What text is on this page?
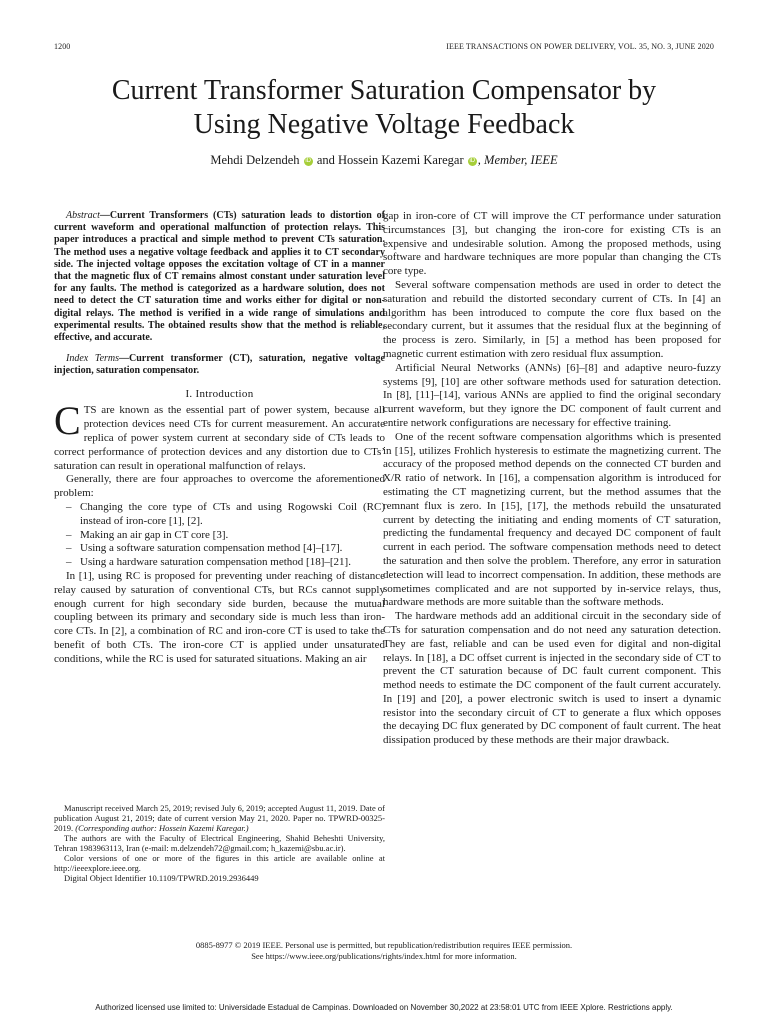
1200	IEEE TRANSACTIONS ON POWER DELIVERY, VOL. 35, NO. 3, JUNE 2020
Current Transformer Saturation Compensator by
Using Negative Voltage Feedback
Mehdi Delzendeh iD and Hossein Kazemi Karegar iD , Member, IEEE

Abstract—Current Transformers (CTs) saturation leads to distortion of current waveform and operational malfunction of protection relays. This paper introduces a practical and simple method to prevent CTs saturation. The method uses a negative voltage feedback and applies it to CT secondary side. The injected voltage opposes the excitation voltage of CT in a manner that the magnetic flux of CT remains almost constant under saturation level for any faults. The method is categorized as a hardware solution, does not need to detect the CT saturation time and works either for digital or non-digital relays. The method is verified in a wide range of simulations and experimental results. The obtained results show that the method is reliable, effective, and accurate.

Index Terms—Current transformer (CT), saturation, negative voltage injection, saturation compensator.

I. Introduction

CTS are known as the essential part of power system, because all protection devices need CTs for current measurement. An accurate replica of power system current at secondary side of CTs leads to correct performance of protection devices and any distortion due to CTs’ saturation can result in operational malfunction of relays.

Generally, there are four approaches to overcome the aforementioned problem:

– Changing the core type of CTs and using Rogowski Coil (RC) instead of iron-core [1], [2].
– Making an air gap in CT core [3].
– Using a software saturation compensation method [4]–[17].
– Using a hardware saturation compensation method [18]–[21].

In [1], using RC is proposed for preventing under reaching of distance relay caused by saturation of conventional CTs, but RCs cannot supply enough current for high secondary side burden, because the mutual coupling between its primary and secondary side is much less than iron-core CTs. In [2], a combination of RC and iron-core CT is used to take the benefit of both CTs. The iron-core CT is applied under unsaturated conditions, while the RC is used for saturated situations. Making an air

gap in iron-core of CT will improve the CT performance under saturation circumstances [3], but changing the iron-core for existing CTs is an expensive and undesirable solution. Among the proposed methods, using software and hardware techniques are more popular than changing the CTs core type.

Several software compensation methods are used in order to detect the saturation and rebuild the distorted secondary current of CTs. In [4] an algorithm has been introduced to compute the core flux based on the secondary current, but it assumes that the residual flux at the beginning of the process is zero. Similarly, in [5] a method has been proposed for magnetic current estimation with zero residual flux assumption.

Artificial Neural Networks (ANNs) [6]–[8] and adaptive neuro-fuzzy systems [9], [10] are other software methods used for saturation detection. In [8], [11]–[14], various ANNs are applied to find the original secondary current waveform, but they ignore the DC component of fault current and entire network configurations are necessary for effective training.

One of the recent software compensation algorithms which is presented in [15], utilizes Frohlich hysteresis to estimate the magnetizing current. The accuracy of the proposed method depends on the connected CT burden and X/R ratio of network. In [16], a compensation algorithm is introduced for estimating the CT magnetizing current, but the method assumes that the remnant flux is zero. In [15], [17], the methods rebuild the unsaturated current by detecting the initiating and ending moments of CT saturation, predicting the fundamental frequency and decayed DC component of fault current in each period. The software compensation methods need to detect the saturation and then solve the problem. Therefore, any error in saturation detection will lead to incorrect compensation. In addition, these methods are sometimes complicated and are not supported by in-service relays, thus, hardware methods are more suitable than the software methods.

The hardware methods add an additional circuit in the secondary side of CTs for saturation compensation and do not need any saturation detection. They are fast, reliable and can be used even for digital and non-digital relays. In [18], a DC offset current is injected in the secondary side of CT to prevent the CT saturation because of DC fault current component. This method needs to estimate the DC component of the fault current accurately. In [19] and [20], a power electronic switch is used to insert a dynamic resistor into the secondary circuit of CT to generate a flux which opposes the decaying DC flux generated by DC component of fault current. The heat dissipation produced by these methods are their major drawback.

Manuscript received March 25, 2019; revised July 6, 2019; accepted August 11, 2019. Date of publication August 21, 2019; date of current version May 21, 2020. Paper no. TPWRD-00325-2019. (Corresponding author: Hossein Kazemi Karegar.)

The authors are with the Faculty of Electrical Engineering, Shahid Beheshti University, Tehran 1983963113, Iran (e-mail: m.delzendeh72@gmail.com; h_kazemi@sbu.ac.ir).

Color versions of one or more of the figures in this article are available online at http://ieeexplore.ieee.org.

Digital Object Identifier 10.1109/TPWRD.2019.2936449

0885-8977 © 2019 IEEE. Personal use is permitted, but republication/redistribution requires IEEE permission.
See https://www.ieee.org/publications/rights/index.html for more information.
Authorized licensed use limited to: Universidade Estadual de Campinas. Downloaded on November 30,2022 at 23:58:01 UTC from IEEE Xplore. Restrictions apply.
